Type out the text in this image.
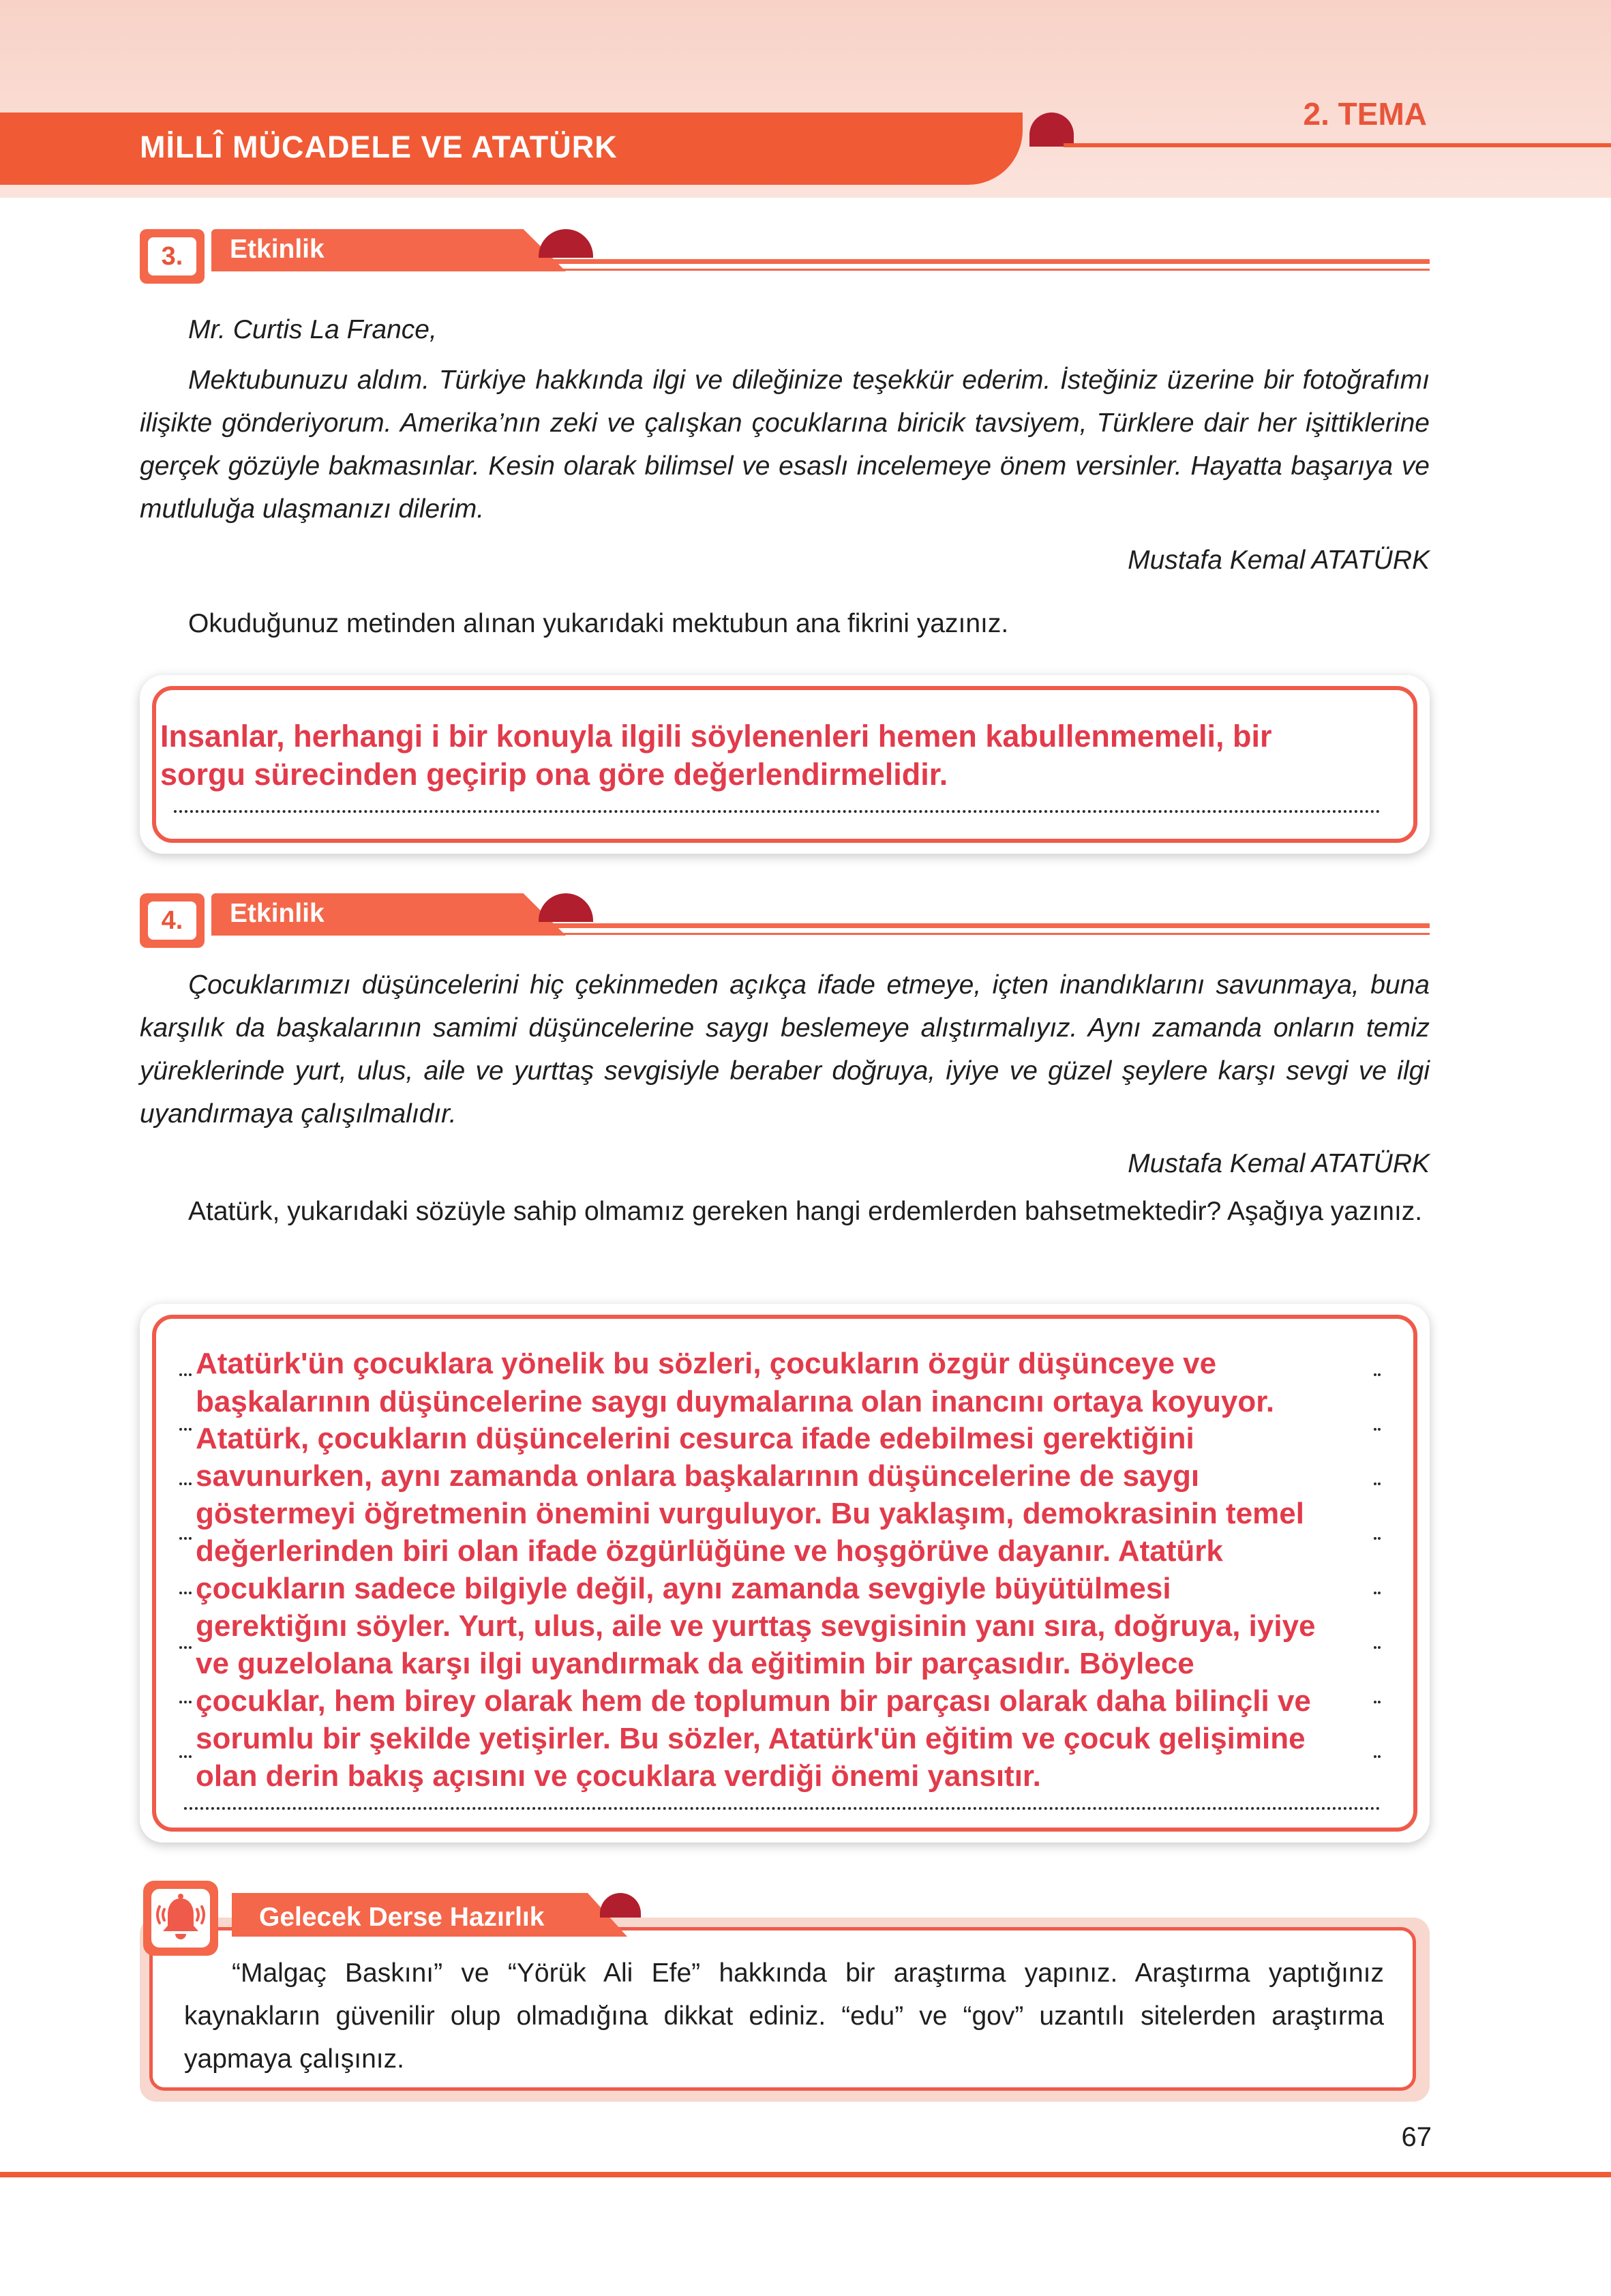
MİLLÎ MÜCADELE VE ATATÜRK
2. TEMA
3.	Etkinlik
Mr. Curtis La France,
Mektubunuzu aldım. Türkiye hakkında ilgi ve dileğinize teşekkür ederim. İsteğiniz üzerine bir fotoğrafımı ilişikte gönderiyorum. Amerika’nın zeki ve çalışkan çocuklarına biricik tavsiyem, Türklere dair her işittiklerine gerçek gözüyle bakmasınlar. Kesin olarak bilimsel ve esaslı incelemeye önem versinler. Hayatta başarıya ve mutluluğa ulaşmanızı dilerim.
Mustafa Kemal ATATÜRK
Okuduğunuz metinden alınan yukarıdaki mektubun ana fikrini yazınız.
Insanlar, herhangi i bir konuyla ilgili söylenenleri hemen kabullenmemeli, bir
sorgu sürecinden geçirip ona göre değerlendirmelidir.
4.	Etkinlik
Çocuklarımızı düşüncelerini hiç çekinmeden açıkça ifade etmeye, içten inandıklarını savunmaya, buna karşılık da başkalarının samimi düşüncelerine saygı beslemeye alıştırmalıyız. Aynı zamanda onların temiz yüreklerinde yurt, ulus, aile ve yurttaş sevgisiyle beraber doğruya, iyiye ve güzel şeylere karşı sevgi ve ilgi uyandırmaya çalışılmalıdır.
Mustafa Kemal ATATÜRK
Atatürk, yukarıdaki sözüyle sahip olmamız gereken hangi erdemlerden bahsetmektedir? Aşağıya yazınız.
Atatürk'ün çocuklara yönelik bu sözleri, çocukların özgür düşünceye ve
başkalarının düşüncelerine saygı duymalarına olan inancını ortaya koyuyor.
Atatürk, çocukların düşüncelerini cesurca ifade edebilmesi gerektiğini
savunurken, aynı zamanda onlara başkalarının düşüncelerine de saygı
göstermeyi öğretmenin önemini vurguluyor. Bu yaklaşım, demokrasinin temel
değerlerinden biri olan ifade özgürlüğüne ve hoşgörüve dayanır. Atatürk
çocukların sadece bilgiyle değil, aynı zamanda sevgiyle büyütülmesi
gerektiğını söyler. Yurt, ulus, aile ve yurttaş sevgisinin yanı sıra, doğruya, iyiye
ve guzelolana karşı ilgi uyandırmak da eğitimin bir parçasıdır. Böylece
çocuklar, hem birey olarak hem de toplumun bir parçası olarak daha bilinçli ve
sorumlu bir şekilde yetişirler. Bu sözler, Atatürk'ün eğitim ve çocuk gelişimine
olan derin bakış açısını ve çocuklara verdiği önemi yansıtır.
“Malgaç Baskını” ve “Yörük Ali Efe” hakkında bir araştırma yapınız. Araştırma yaptığınız kaynakların güvenilir olup olmadığına dikkat ediniz. “edu” ve “gov” uzantılı sitelerden araştırma yapmaya çalışınız.
Gelecek Derse Hazırlık
67
